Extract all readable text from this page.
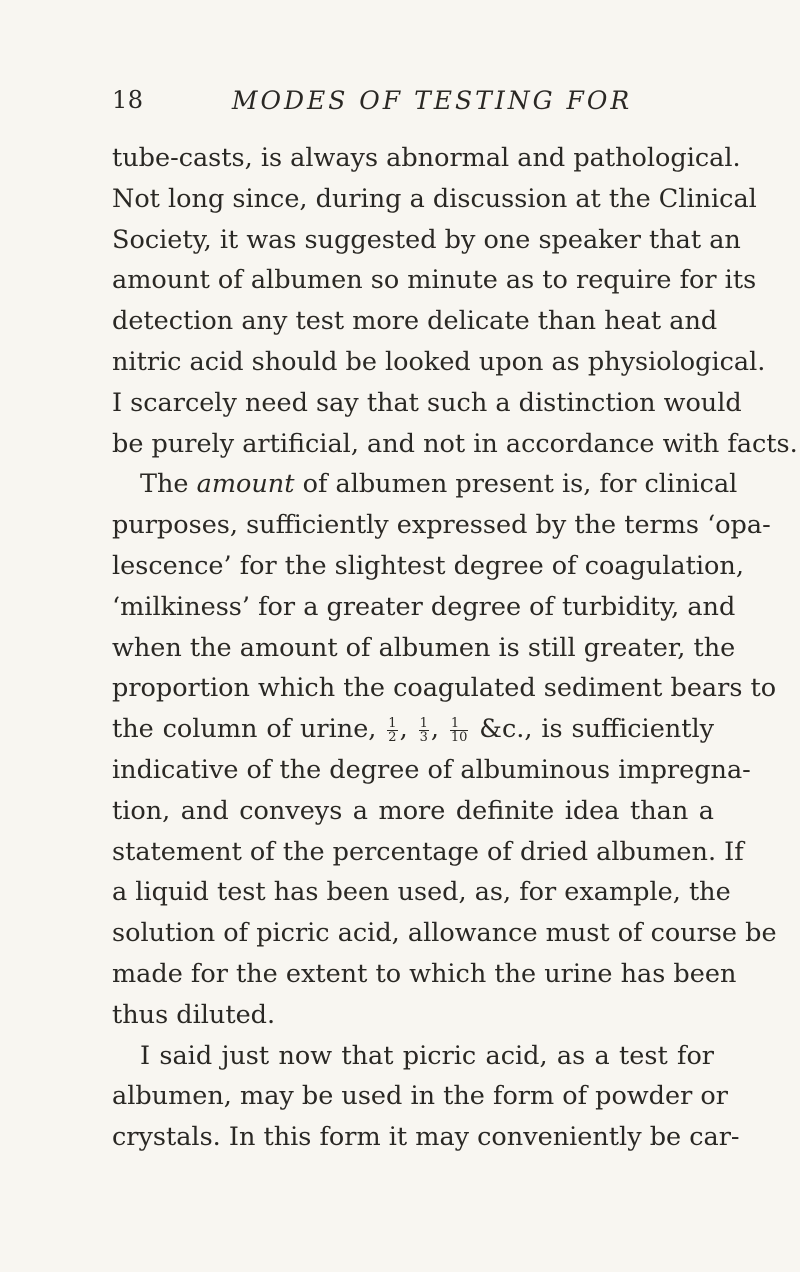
18	MODES OF TESTING FOR
tube-casts, is always abnormal and pathological.
Not long since, during a discussion at the Clinical
Society, it was suggested by one speaker that an
amount of albumen so minute as to require for its
detection any test more delicate than heat and
nitric acid should be looked upon as physiological.
I scarcely need say that such a distinction would
be purely artificial, and not in accordance with facts.
The amount of albumen present is, for clinical
purposes, sufficiently expressed by the terms ‘opa-
lescence’ for the slightest degree of coagulation,
‘milkiness’ for a greater degree of turbidity, and
when the amount of albumen is still greater, the
proportion which the coagulated sediment bears to
the column of urine, $\frac{1}{2}$ , $\frac{1}{3}$ , $\frac{1}{10}$ &c., is sufficiently
indicative of the degree of albuminous impregna-
tion, and conveys a more definite idea than a
statement of the percentage of dried albumen. If
a liquid test has been used, as, for example, the
solution of picric acid, allowance must of course be
made for the extent to which the urine has been
thus diluted.
I said just now that picric acid, as a test for
albumen, may be used in the form of powder or
crystals. In this form it may conveniently be car-
